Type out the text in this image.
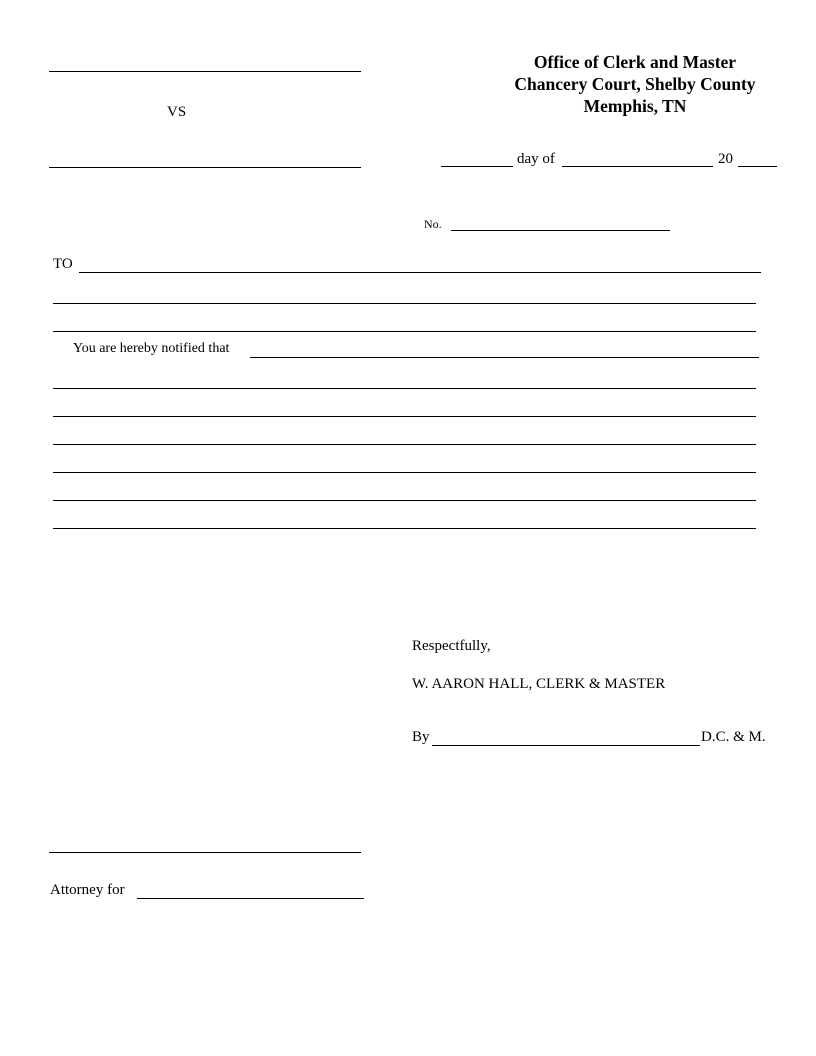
VS
Office of Clerk and Master
Chancery Court, Shelby County
Memphis, TN
day of	20
No.
TO
You are hereby notified that
Respectfully,
W. AARON HALL, CLERK & MASTER
By	D.C. & M.
Attorney for
